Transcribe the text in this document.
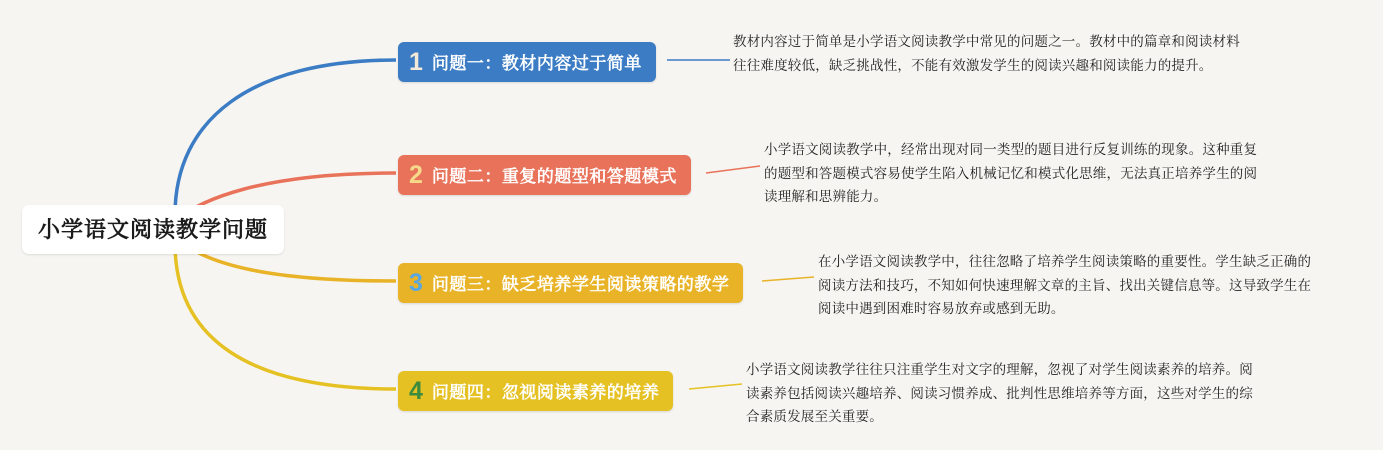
小学语文阅读教学问题
1 问题一：教材内容过于简单
教材内容过于简单是小学语文阅读教学中常见的问题之一。教材中的篇章和阅读材料往往难度较低，缺乏挑战性，不能有效激发学生的阅读兴趣和阅读能力的提升。
2 问题二：重复的题型和答题模式
小学语文阅读教学中，经常出现对同一类型的题目进行反复训练的现象。这种重复的题型和答题模式容易使学生陷入机械记忆和模式化思维，无法真正培养学生的阅读理解和思辨能力。
3 问题三：缺乏培养学生阅读策略的教学
在小学语文阅读教学中，往往忽略了培养学生阅读策略的重要性。学生缺乏正确的阅读方法和技巧，不知如何快速理解文章的主旨、找出关键信息等。这导致学生在阅读中遇到困难时容易放弃或感到无助。
4 问题四：忽视阅读素养的培养
小学语文阅读教学往往只注重学生对文字的理解，忽视了对学生阅读素养的培养。阅读素养包括阅读兴趣培养、阅读习惯养成、批判性思维培养等方面，这些对学生的综合素质发展至关重要。
